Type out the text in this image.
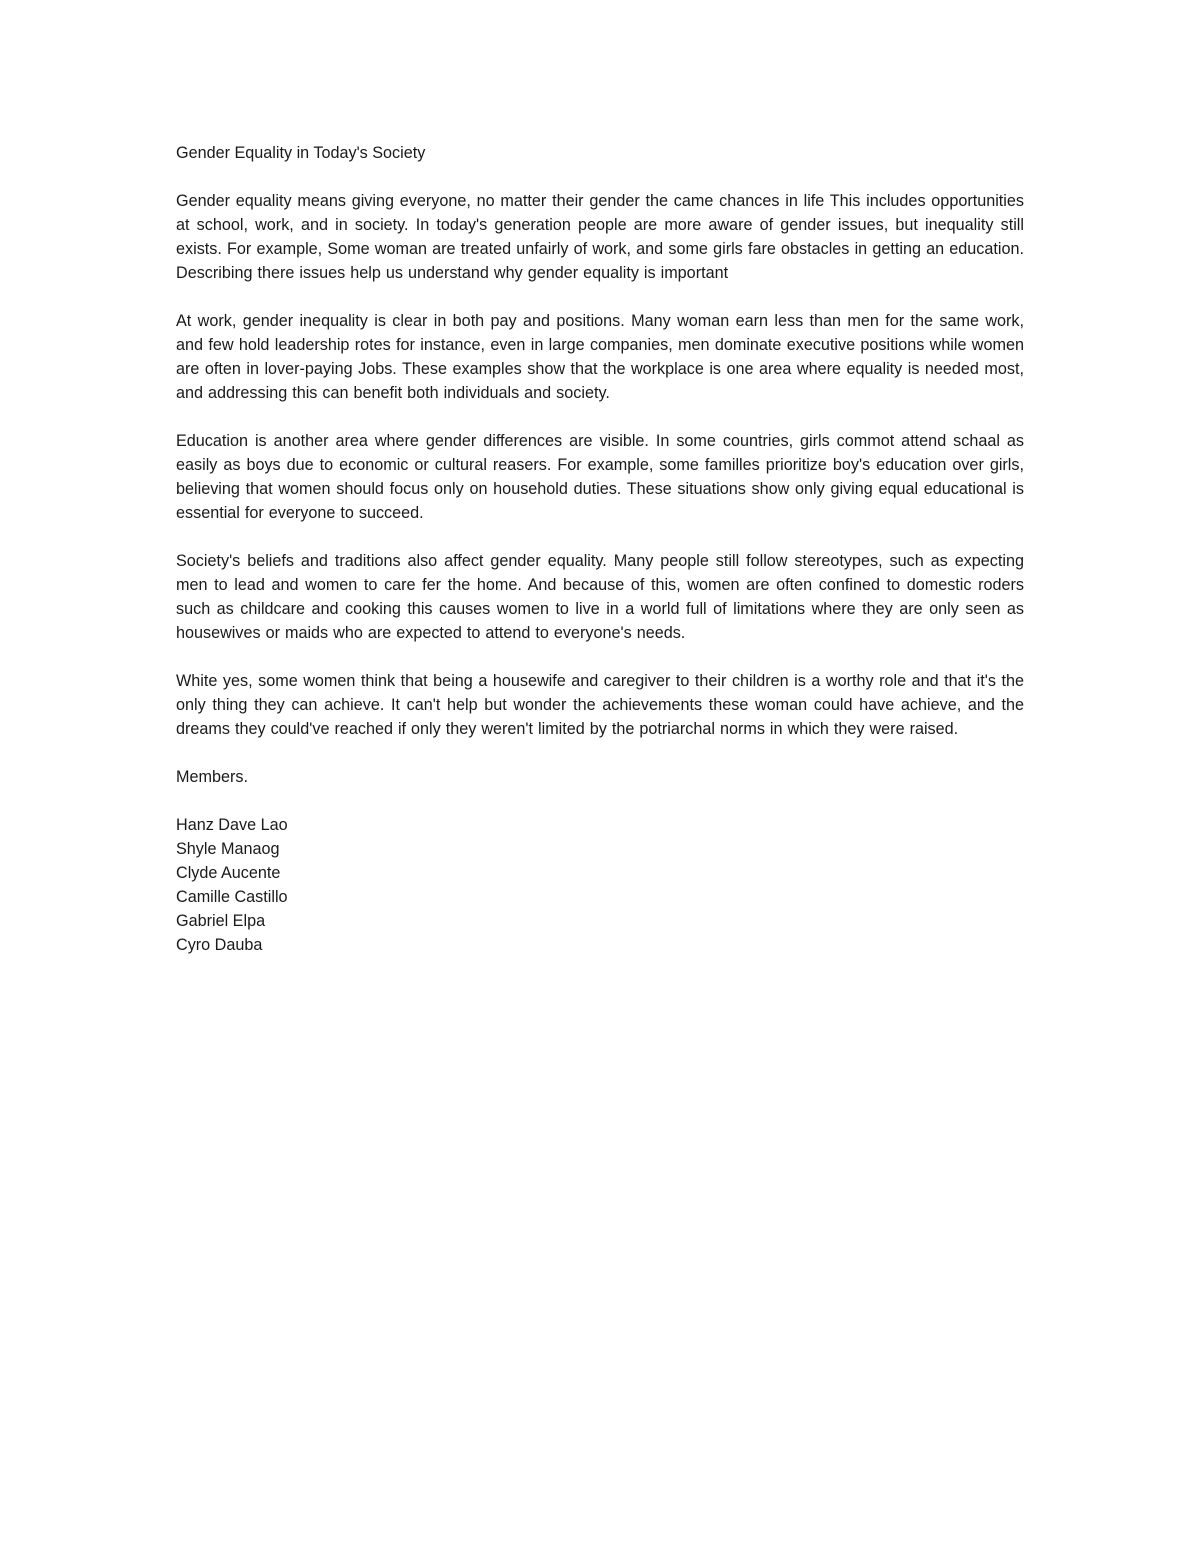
Gender Equality in Today's Society

Gender equality means giving everyone, no matter their gender the came chances in life This includes opportunities at school, work, and in society. In today's generation people are more aware of gender issues, but inequality still exists. For example, Some woman are treated unfairly of work, and some girls fare obstacles in getting an education. Describing there issues help us understand why gender equality is important

At work, gender inequality is clear in both pay and positions. Many woman earn less than men for the same work, and few hold leadership rotes for instance, even in large companies, men dominate executive positions while women are often in lover-paying Jobs. These examples show that the workplace is one area where equality is needed most, and addressing this can benefit both individuals and society.

Education is another area where gender differences are visible. In some countries, girls commot attend schaal as easily as boys due to economic or cultural reasers. For example, some familles prioritize boy's education over girls, believing that women should focus only on household duties. These situations show only giving equal educational is essential for everyone to succeed.

Society's beliefs and traditions also affect gender equality. Many people still follow stereotypes, such as expecting men to lead and women to care fer the home. And because of this, women are often confined to domestic roders such as childcare and cooking this causes women to live in a world full of limitations where they are only seen as housewives or maids who are expected to attend to everyone's needs.

White yes, some women think that being a housewife and caregiver to their children is a worthy role and that it's the only thing they can achieve. It can't help but wonder the achievements these woman could have achieve, and the dreams they could've reached if only they weren't limited by the potriarchal norms in which they were raised.

Members.

Hanz Dave Lao
Shyle Manaog
Clyde Aucente
Camille Castillo
Gabriel Elpa
Cyro Dauba
